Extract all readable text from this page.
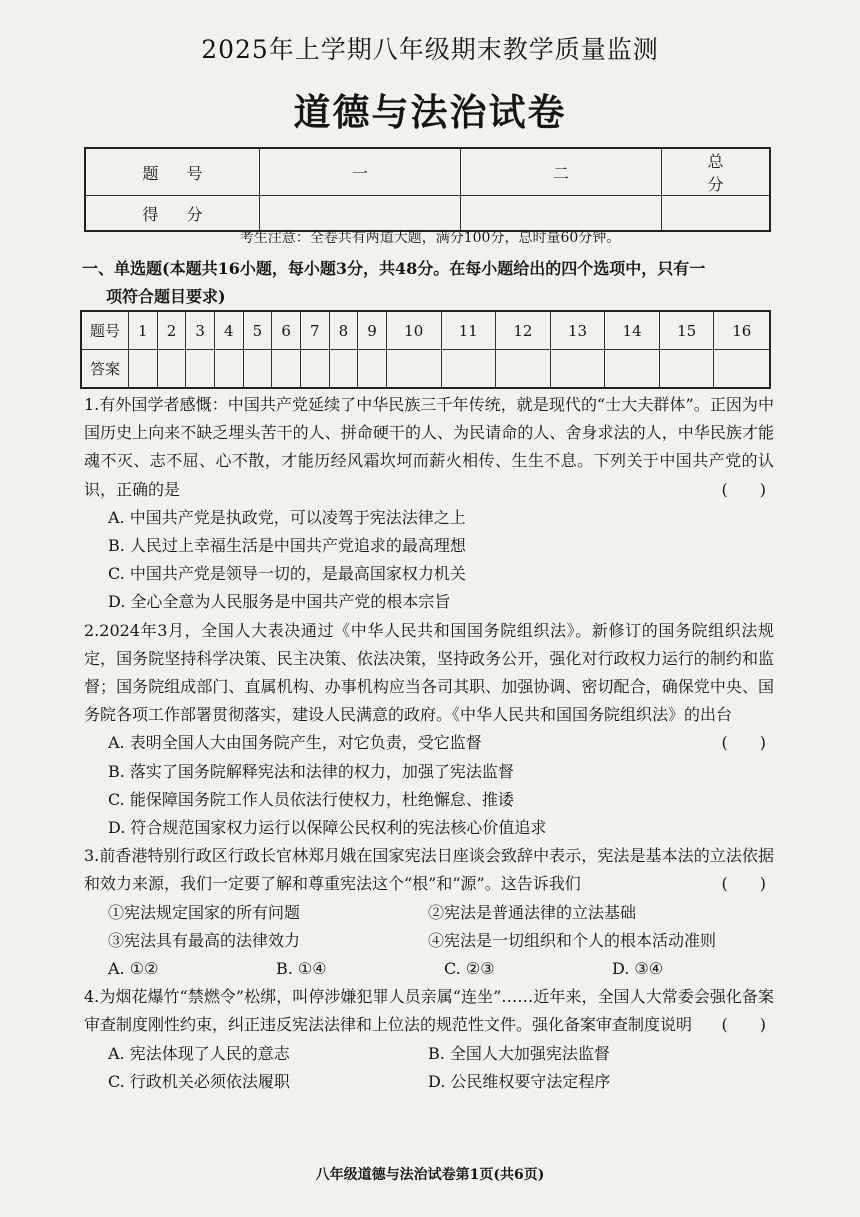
2025年上学期八年级期末教学质量监测
道德与法治试卷
题号	一	二	总分
得分			
考生注意：全卷共有两道大题，满分100分，总时量60分钟。
一、单选题(本题共16小题，每小题3分，共48分。在每小题给出的四个选项中，只有一
项符合题目要求)
题号	1	2	3	4	5	6	7	8	9	10	11	12	13	14	15	16
答案																
1.有外国学者感慨：中国共产党延续了中华民族三千年传统，就是现代的“士大夫群体”。正因为中国历史上向来不缺乏埋头苦干的人、拼命硬干的人、为民请命的人、舍身求法的人，中华民族才能魂不灭、志不屈、心不散，才能历经风霜坎坷而薪火相传、生生不息。下列关于中国共产党的认识，正确的是	(　　)
A. 中国共产党是执政党，可以凌驾于宪法法律之上
B. 人民过上幸福生活是中国共产党追求的最高理想
C. 中国共产党是领导一切的，是最高国家权力机关
D. 全心全意为人民服务是中国共产党的根本宗旨
2.2024年3月，全国人大表决通过《中华人民共和国国务院组织法》。新修订的国务院组织法规定，国务院坚持科学决策、民主决策、依法决策，坚持政务公开，强化对行政权力运行的制约和监督；国务院组成部门、直属机构、办事机构应当各司其职、加强协调、密切配合，确保党中央、国务院各项工作部署贯彻落实，建设人民满意的政府。《中华人民共和国国务院组织法》的出台
(　　)
A. 表明全国人大由国务院产生，对它负责，受它监督
B. 落实了国务院解释宪法和法律的权力，加强了宪法监督
C. 能保障国务院工作人员依法行使权力，杜绝懈怠、推诿
D. 符合规范国家权力运行以保障公民权利的宪法核心价值追求
3.前香港特别行政区行政长官林郑月娥在国家宪法日座谈会致辞中表示，宪法是基本法的立法依据和效力来源，我们一定要了解和尊重宪法这个“根”和“源”。这告诉我们	(　　)
①宪法规定国家的所有问题	②宪法是普通法律的立法基础
③宪法具有最高的法律效力	④宪法是一切组织和个人的根本活动准则
A. ①②	B. ①④	C. ②③	D. ③④
4.为烟花爆竹“禁燃令”松绑，叫停涉嫌犯罪人员亲属“连坐”……近年来，全国人大常委会强化备案审查制度刚性约束，纠正违反宪法法律和上位法的规范性文件。强化备案审查制度说明 (　　)
A. 宪法体现了人民的意志	B. 全国人大加强宪法监督
C. 行政机关必须依法履职	D. 公民维权要守法定程序
八年级道德与法治试卷第1页(共6页)
